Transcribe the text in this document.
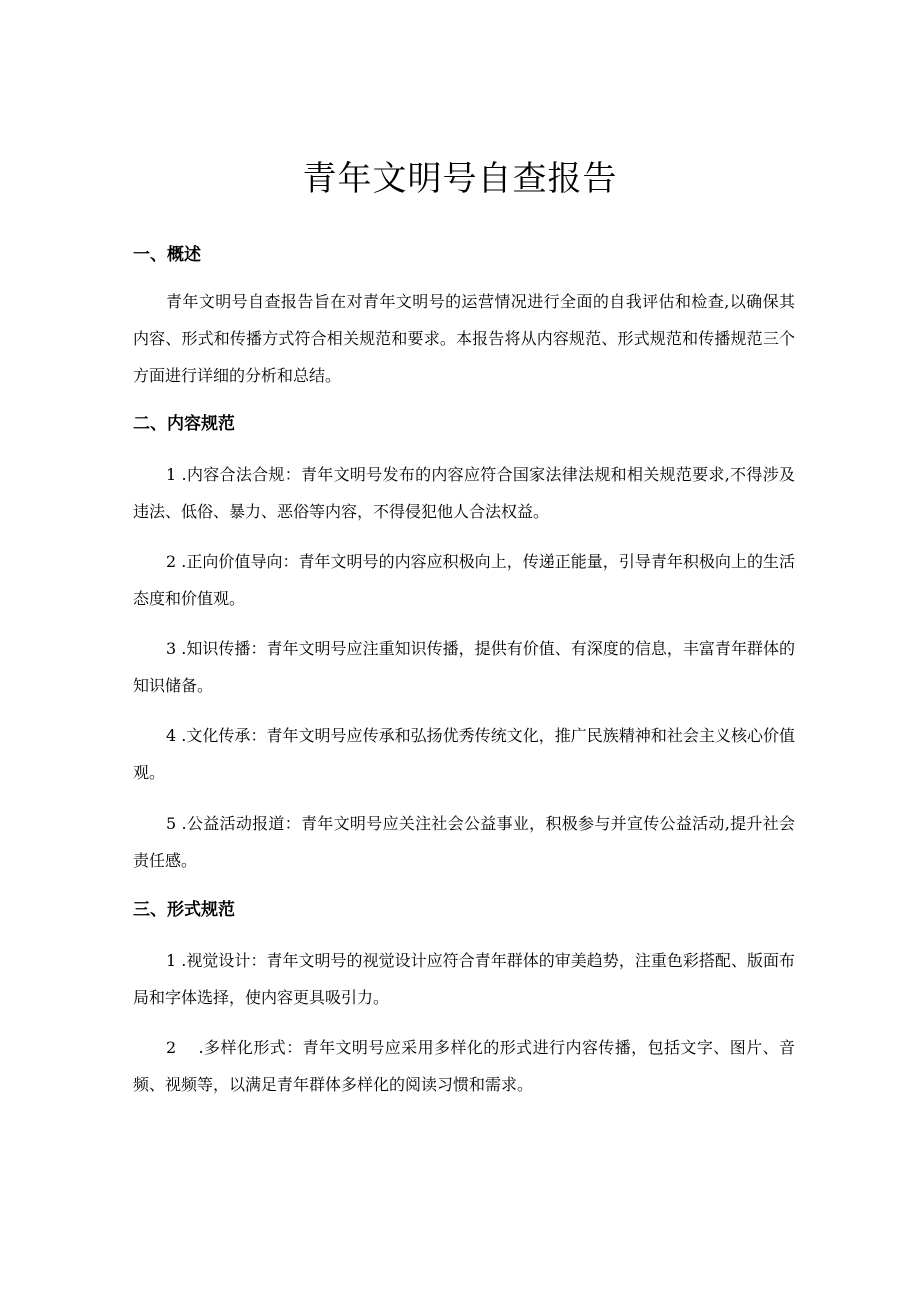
青年文明号自查报告
一、概述

青年文明号自查报告旨在对青年文明号的运营情况进行全面的自我评估和检查,以确保其内容、形式和传播方式符合相关规范和要求。本报告将从内容规范、形式规范和传播规范三个方面进行详细的分析和总结。

二、内容规范

1 .内容合法合规：青年文明号发布的内容应符合国家法律法规和相关规范要求,不得涉及违法、低俗、暴力、恶俗等内容，不得侵犯他人合法权益。

2 .正向价值导向：青年文明号的内容应积极向上，传递正能量，引导青年积极向上的生活态度和价值观。

3 .知识传播：青年文明号应注重知识传播，提供有价值、有深度的信息，丰富青年群体的知识储备。

4 .文化传承：青年文明号应传承和弘扬优秀传统文化，推广民族精神和社会主义核心价值观。

5 .公益活动报道：青年文明号应关注社会公益事业，积极参与并宣传公益活动,提升社会责任感。

三、形式规范

1 .视觉设计：青年文明号的视觉设计应符合青年群体的审美趋势，注重色彩搭配、版面布局和字体选择，使内容更具吸引力。

2　 .多样化形式：青年文明号应采用多样化的形式进行内容传播，包括文字、图片、音频、视频等，以满足青年群体多样化的阅读习惯和需求。
